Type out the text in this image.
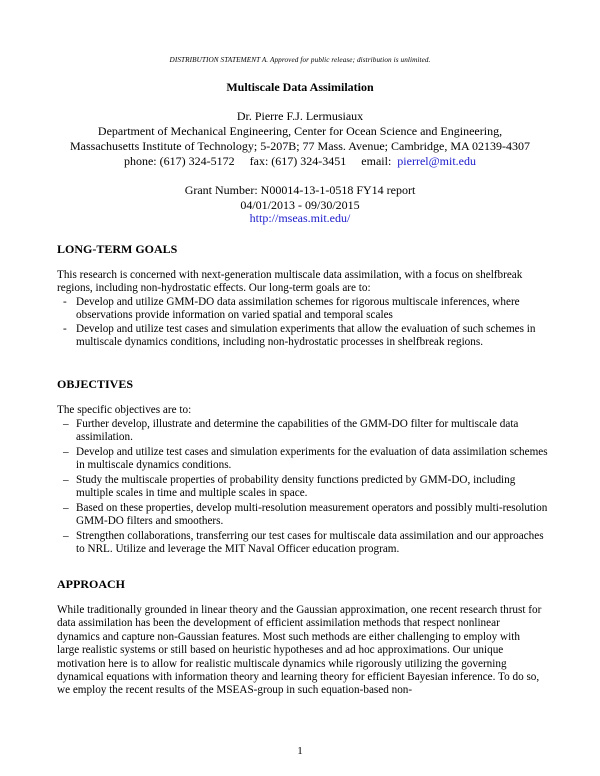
DISTRIBUTION STATEMENT A. Approved for public release; distribution is unlimited.
Multiscale Data Assimilation
Dr. Pierre F.J. Lermusiaux
Department of Mechanical Engineering, Center for Ocean Science and Engineering,
Massachusetts Institute of Technology; 5-207B; 77 Mass. Avenue; Cambridge, MA 02139-4307
phone: (617) 324-5172 fax: (617) 324-3451 email: pierrel@mit.edu
Grant Number: N00014-13-1-0518 FY14 report
04/01/2013 - 09/30/2015
http://mseas.mit.edu/
LONG-TERM GOALS
This research is concerned with next-generation multiscale data assimilation, with a focus on shelfbreak regions, including non-hydrostatic effects. Our long-term goals are to:
- Develop and utilize GMM-DO data assimilation schemes for rigorous multiscale inferences, where observations provide information on varied spatial and temporal scales
- Develop and utilize test cases and simulation experiments that allow the evaluation of such schemes in multiscale dynamics conditions, including non-hydrostatic processes in shelfbreak regions.
OBJECTIVES
The specific objectives are to:
– Further develop, illustrate and determine the capabilities of the GMM-DO filter for multiscale data assimilation.
– Develop and utilize test cases and simulation experiments for the evaluation of data assimilation schemes in multiscale dynamics conditions.
– Study the multiscale properties of probability density functions predicted by GMM-DO, including multiple scales in time and multiple scales in space.
– Based on these properties, develop multi-resolution measurement operators and possibly multi-resolution GMM-DO filters and smoothers.
– Strengthen collaborations, transferring our test cases for multiscale data assimilation and our approaches to NRL. Utilize and leverage the MIT Naval Officer education program.
APPROACH
While traditionally grounded in linear theory and the Gaussian approximation, one recent research thrust for data assimilation has been the development of efficient assimilation methods that respect nonlinear dynamics and capture non-Gaussian features. Most such methods are either challenging to employ with large realistic systems or still based on heuristic hypotheses and ad hoc approximations. Our unique motivation here is to allow for realistic multiscale dynamics while rigorously utilizing the governing dynamical equations with information theory and learning theory for efficient Bayesian inference. To do so, we employ the recent results of the MSEAS-group in such equation-based non-
1
